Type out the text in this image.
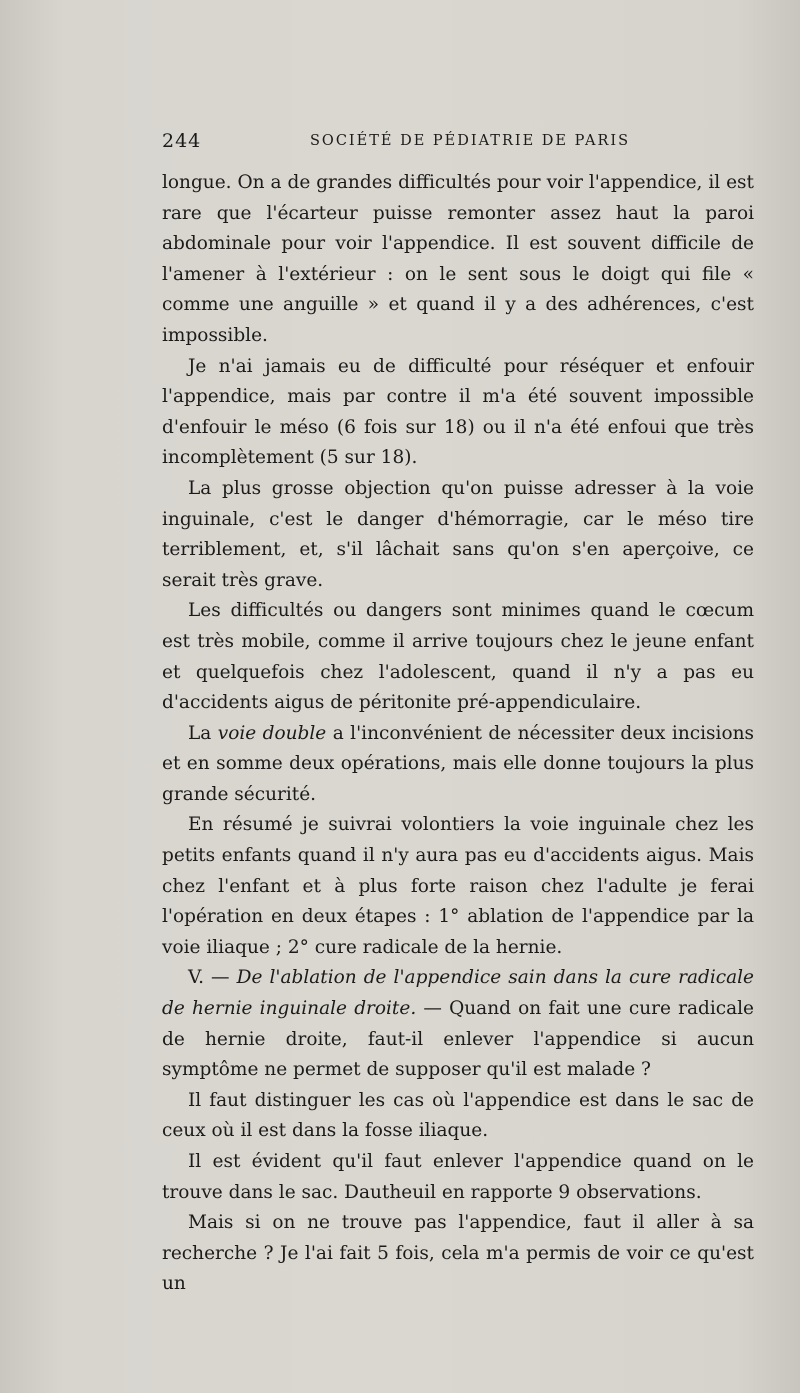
244	SOCIÉTÉ DE PÉDIATRIE DE PARIS

longue. On a de grandes difficultés pour voir l'appendice, il est rare que l'écarteur puisse remonter assez haut la paroi abdominale pour voir l'appendice. Il est souvent difficile de l'amener à l'extérieur : on le sent sous le doigt qui file « comme une anguille » et quand il y a des adhérences, c'est impossible.

Je n'ai jamais eu de difficulté pour réséquer et enfouir l'appendice, mais par contre il m'a été souvent impossible d'enfouir le méso (6 fois sur 18) ou il n'a été enfoui que très incomplètement (5 sur 18).

La plus grosse objection qu'on puisse adresser à la voie inguinale, c'est le danger d'hémorragie, car le méso tire terriblement, et, s'il lâchait sans qu'on s'en aperçoive, ce serait très grave.

Les difficultés ou dangers sont minimes quand le cœcum est très mobile, comme il arrive toujours chez le jeune enfant et quelquefois chez l'adolescent, quand il n'y a pas eu d'accidents aigus de péritonite pré-appendiculaire.

La voie double a l'inconvénient de nécessiter deux incisions et en somme deux opérations, mais elle donne toujours la plus grande sécurité.

En résumé je suivrai volontiers la voie inguinale chez les petits enfants quand il n'y aura pas eu d'accidents aigus. Mais chez l'enfant et à plus forte raison chez l'adulte je ferai l'opération en deux étapes : 1° ablation de l'appendice par la voie iliaque ; 2° cure radicale de la hernie.

V. — De l'ablation de l'appendice sain dans la cure radicale de hernie inguinale droite. — Quand on fait une cure radicale de hernie droite, faut-il enlever l'appendice si aucun symptôme ne permet de supposer qu'il est malade ?

Il faut distinguer les cas où l'appendice est dans le sac de ceux où il est dans la fosse iliaque.

Il est évident qu'il faut enlever l'appendice quand on le trouve dans le sac. Dautheuil en rapporte 9 observations.

Mais si on ne trouve pas l'appendice, faut il aller à sa recherche ? Je l'ai fait 5 fois, cela m'a permis de voir ce qu'est un
